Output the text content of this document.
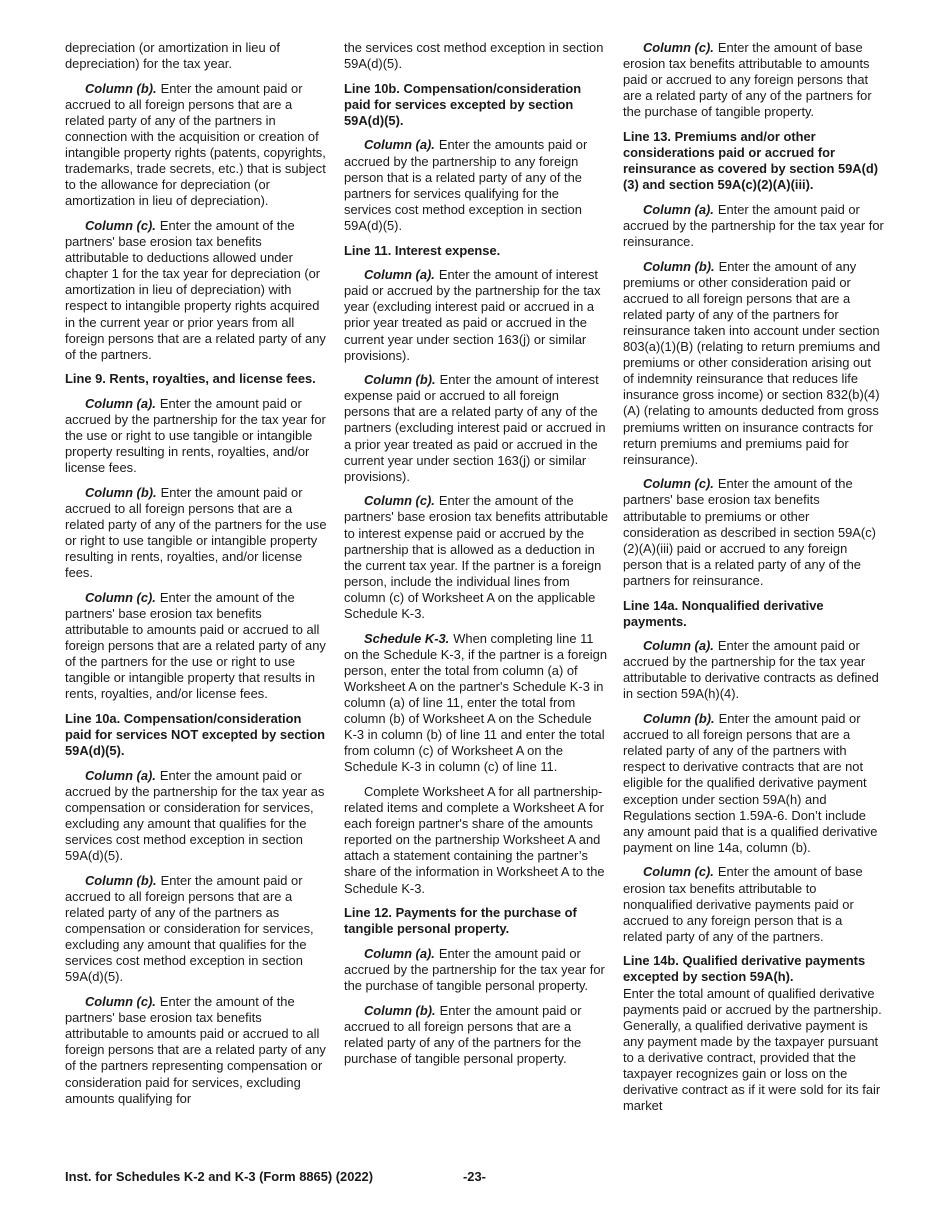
depreciation (or amortization in lieu of depreciation) for the tax year.

Column (b). Enter the amount paid or accrued to all foreign persons that are a related party of any of the partners in connection with the acquisition or creation of intangible property rights (patents, copyrights, trademarks, trade secrets, etc.) that is subject to the allowance for depreciation (or amortization in lieu of depreciation).

Column (c). Enter the amount of the partners' base erosion tax benefits attributable to deductions allowed under chapter 1 for the tax year for depreciation (or amortization in lieu of depreciation) with respect to intangible property rights acquired in the current year or prior years from all foreign persons that are a related party of any of the partners.

Line 9. Rents, royalties, and license fees.

Column (a). Enter the amount paid or accrued by the partnership for the tax year for the use or right to use tangible or intangible property resulting in rents, royalties, and/or license fees.

Column (b). Enter the amount paid or accrued to all foreign persons that are a related party of any of the partners for the use or right to use tangible or intangible property resulting in rents, royalties, and/or license fees.

Column (c). Enter the amount of the partners' base erosion tax benefits attributable to amounts paid or accrued to all foreign persons that are a related party of any of the partners for the use or right to use tangible or intangible property that results in rents, royalties, and/or license fees.

Line 10a. Compensation/consideration paid for services NOT excepted by section 59A(d)(5).

Column (a). Enter the amount paid or accrued by the partnership for the tax year as compensation or consideration for services, excluding any amount that qualifies for the services cost method exception in section 59A(d)(5).

Column (b). Enter the amount paid or accrued to all foreign persons that are a related party of any of the partners as compensation or consideration for services, excluding any amount that qualifies for the services cost method exception in section 59A(d)(5).

Column (c). Enter the amount of the partners' base erosion tax benefits attributable to amounts paid or accrued to all foreign persons that are a related party of any of the partners representing compensation or consideration paid for services, excluding amounts qualifying for

the services cost method exception in section 59A(d)(5).

Line 10b. Compensation/consideration paid for services excepted by section 59A(d)(5).

Column (a). Enter the amounts paid or accrued by the partnership to any foreign person that is a related party of any of the partners for services qualifying for the services cost method exception in section 59A(d)(5).

Line 11. Interest expense.

Column (a). Enter the amount of interest paid or accrued by the partnership for the tax year (excluding interest paid or accrued in a prior year treated as paid or accrued in the current year under section 163(j) or similar provisions).

Column (b). Enter the amount of interest expense paid or accrued to all foreign persons that are a related party of any of the partners (excluding interest paid or accrued in a prior year treated as paid or accrued in the current year under section 163(j) or similar provisions).

Column (c). Enter the amount of the partners' base erosion tax benefits attributable to interest expense paid or accrued by the partnership that is allowed as a deduction in the current tax year. If the partner is a foreign person, include the individual lines from column (c) of Worksheet A on the applicable Schedule K-3.

Schedule K-3. When completing line 11 on the Schedule K-3, if the partner is a foreign person, enter the total from column (a) of Worksheet A on the partner's Schedule K-3 in column (a) of line 11, enter the total from column (b) of Worksheet A on the Schedule K-3 in column (b) of line 11 and enter the total from column (c) of Worksheet A on the Schedule K-3 in column (c) of line 11.

Complete Worksheet A for all partnership-related items and complete a Worksheet A for each foreign partner's share of the amounts reported on the partnership Worksheet A and attach a statement containing the partner’s share of the information in Worksheet A to the Schedule K-3.

Line 12. Payments for the purchase of tangible personal property.

Column (a). Enter the amount paid or accrued by the partnership for the tax year for the purchase of tangible personal property.

Column (b). Enter the amount paid or accrued to all foreign persons that are a related party of any of the partners for the purchase of tangible personal property.

Column (c). Enter the amount of base erosion tax benefits attributable to amounts paid or accrued to any foreign persons that are a related party of any of the partners for the purchase of tangible property.

Line 13. Premiums and/or other considerations paid or accrued for reinsurance as covered by section 59A(d)(3) and section 59A(c)(2)(A)(iii).

Column (a). Enter the amount paid or accrued by the partnership for the tax year for reinsurance.

Column (b). Enter the amount of any premiums or other consideration paid or accrued to all foreign persons that are a related party of any of the partners for reinsurance taken into account under section 803(a)(1)(B) (relating to return premiums and premiums or other consideration arising out of indemnity reinsurance that reduces life insurance gross income) or section 832(b)(4)(A) (relating to amounts deducted from gross premiums written on insurance contracts for return premiums and premiums paid for reinsurance).

Column (c). Enter the amount of the partners' base erosion tax benefits attributable to premiums or other consideration as described in section 59A(c)(2)(A)(iii) paid or accrued to any foreign person that is a related party of any of the partners for reinsurance.

Line 14a. Nonqualified derivative payments.

Column (a). Enter the amount paid or accrued by the partnership for the tax year attributable to derivative contracts as defined in section 59A(h)(4).

Column (b). Enter the amount paid or accrued to all foreign persons that are a related party of any of the partners with respect to derivative contracts that are not eligible for the qualified derivative payment exception under section 59A(h) and Regulations section 1.59A-6. Don’t include any amount paid that is a qualified derivative payment on line 14a, column (b).

Column (c). Enter the amount of base erosion tax benefits attributable to nonqualified derivative payments paid or accrued to any foreign person that is a related party of any of the partners.

Line 14b. Qualified derivative payments excepted by section 59A(h).

Enter the total amount of qualified derivative payments paid or accrued by the partnership. Generally, a qualified derivative payment is any payment made by the taxpayer pursuant to a derivative contract, provided that the taxpayer recognizes gain or loss on the derivative contract as if it were sold for its fair market

Inst. for Schedules K-2 and K-3 (Form 8865) (2022)	-23-
